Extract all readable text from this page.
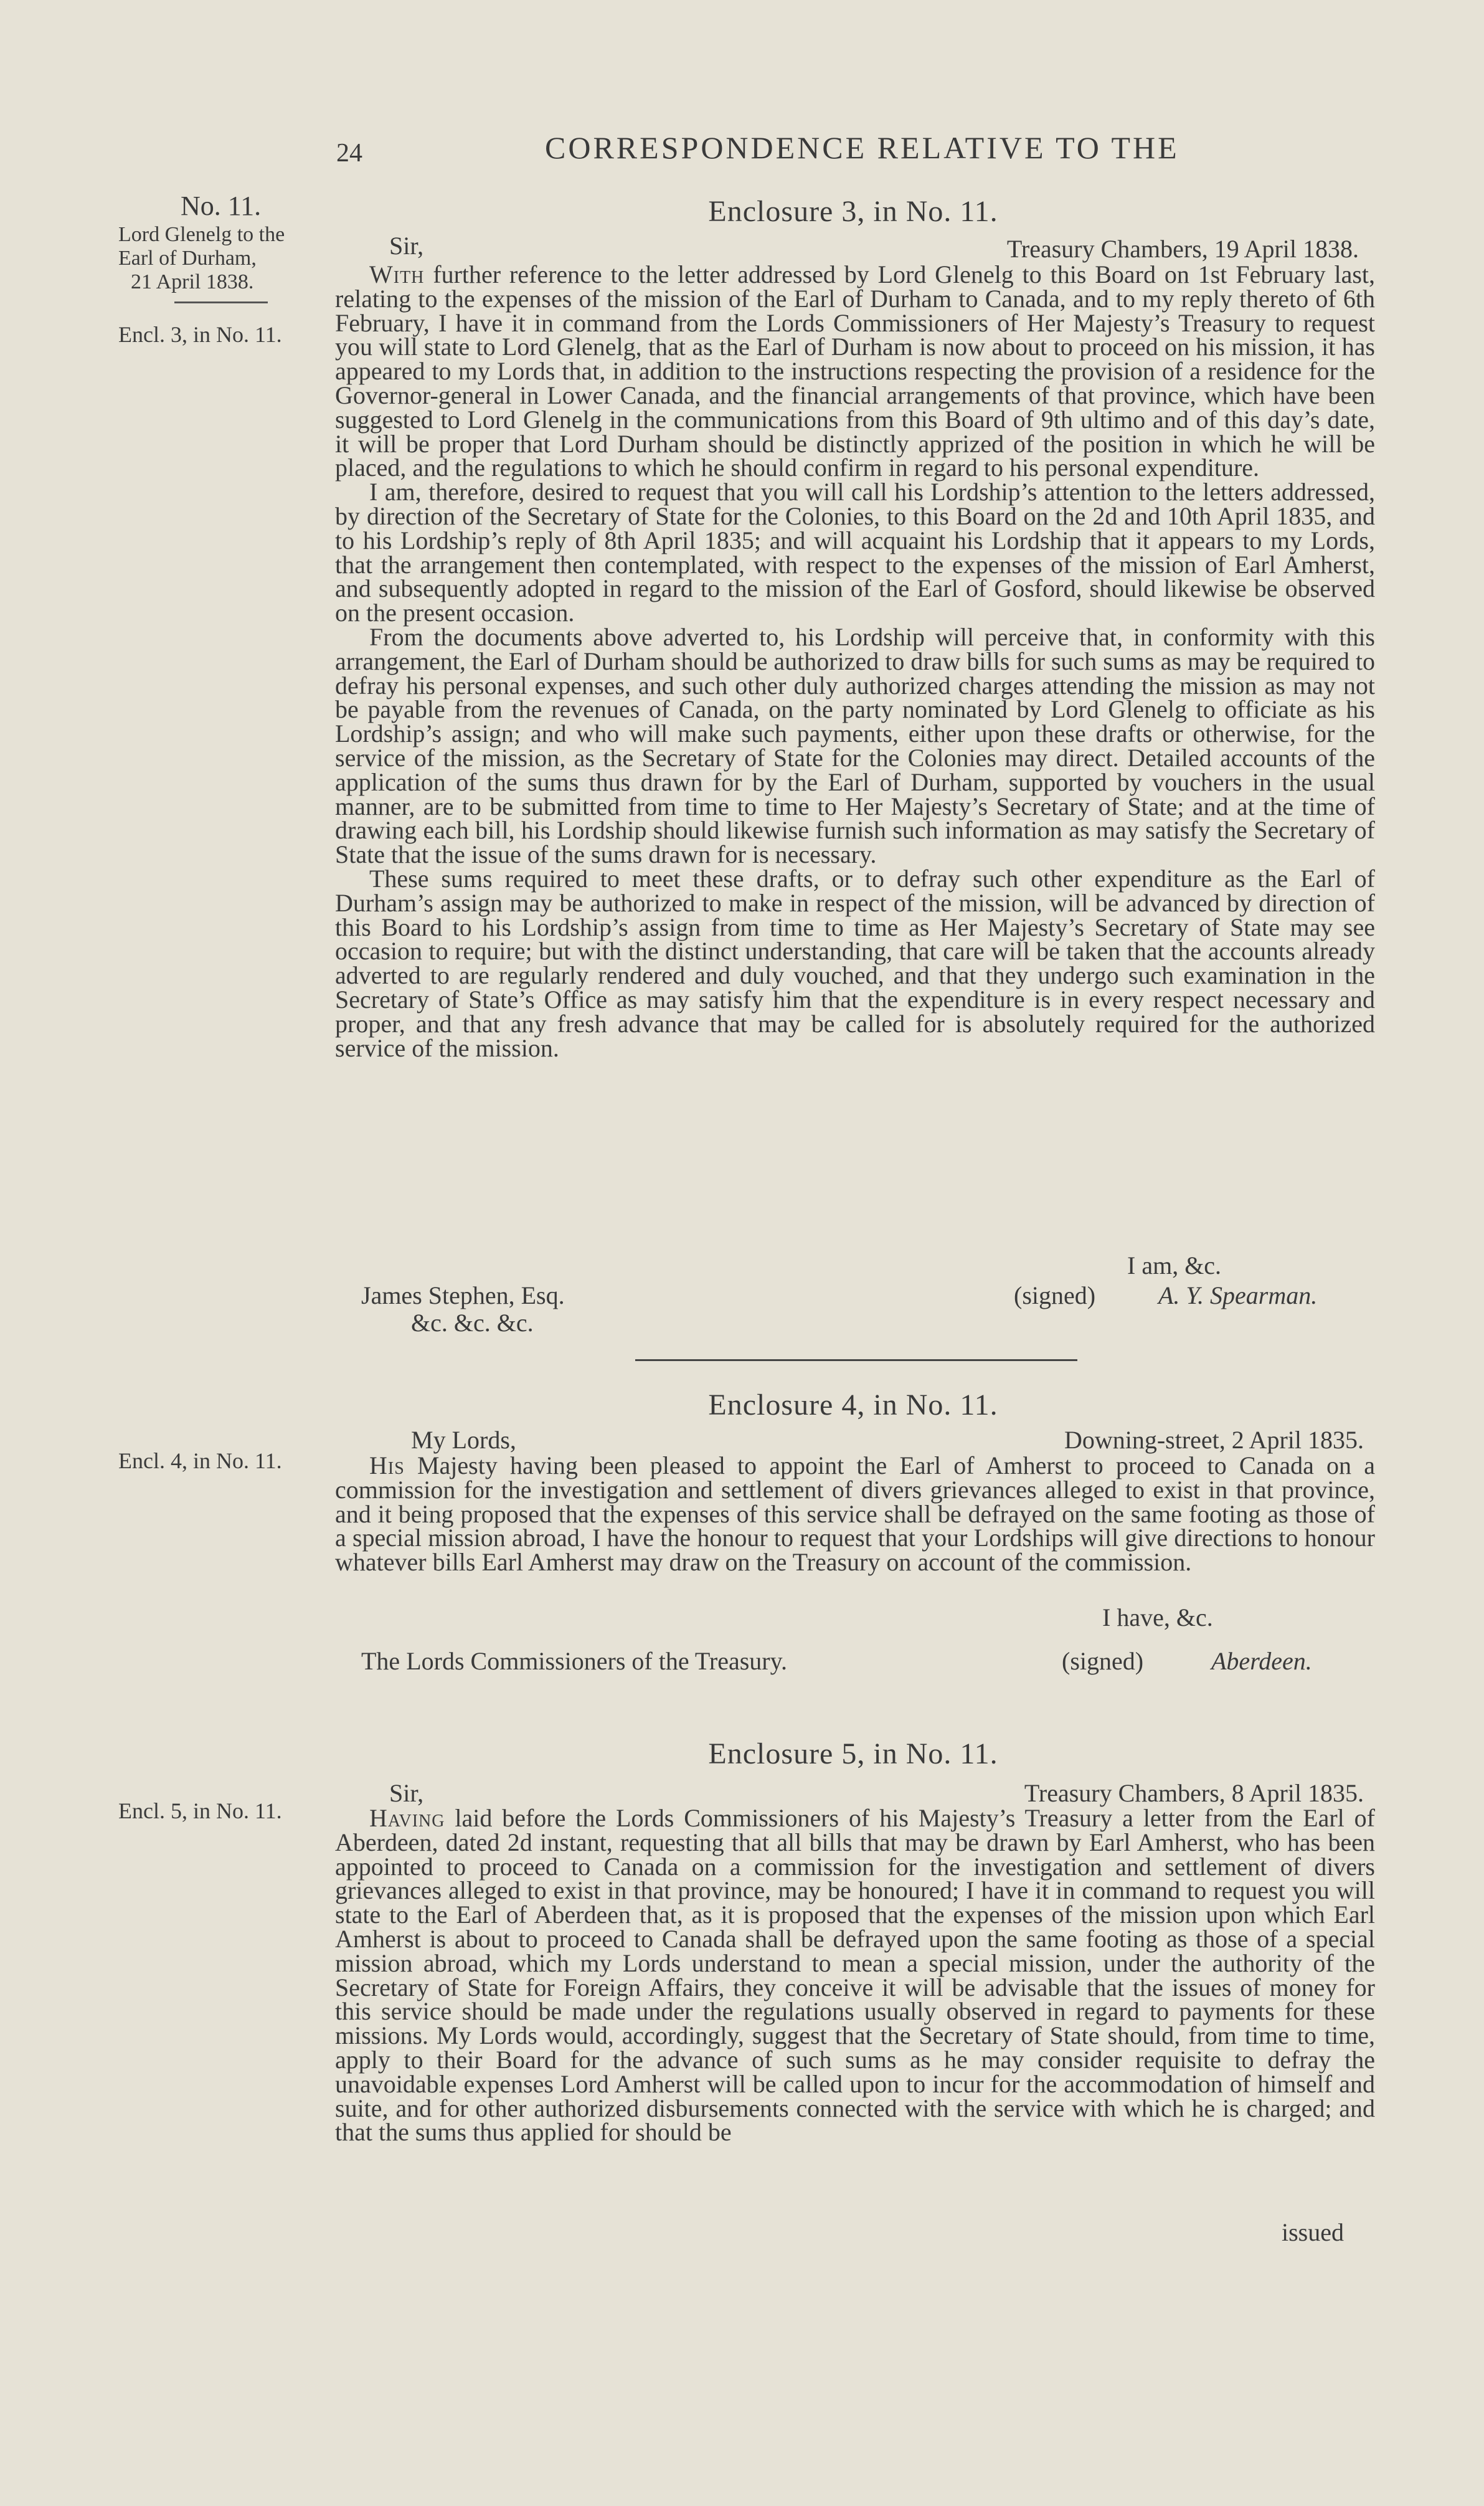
24	CORRESPONDENCE RELATIVE TO THE
No. 11.
Lord Glenelg to the
Earl of Durham,
21 April 1838.
Encl. 3, in No. 11.
Encl. 4, in No. 11.
Encl. 5, in No. 11.
Enclosure 3, in No. 11.
Sir,	Treasury Chambers, 19 April 1838.

With further reference to the letter addressed by Lord Glenelg to this Board on 1st February last, relating to the expenses of the mission of the Earl of Durham to Canada, and to my reply thereto of 6th February, I have it in command from the Lords Commissioners of Her Majesty’s Treasury to request you will state to Lord Glenelg, that as the Earl of Durham is now about to proceed on his mission, it has appeared to my Lords that, in addition to the instructions respecting the provision of a residence for the Governor-general in Lower Canada, and the financial arrangements of that province, which have been suggested to Lord Glenelg in the communications from this Board of 9th ultimo and of this day’s date, it will be proper that Lord Durham should be distinctly apprized of the position in which he will be placed, and the regulations to which he should confirm in regard to his personal expenditure.

I am, therefore, desired to request that you will call his Lordship’s attention to the letters addressed, by direction of the Secretary of State for the Colonies, to this Board on the 2d and 10th April 1835, and to his Lordship’s reply of 8th April 1835; and will acquaint his Lordship that it appears to my Lords, that the arrangement then contemplated, with respect to the expenses of the mission of Earl Amherst, and subsequently adopted in regard to the mission of the Earl of Gosford, should likewise be observed on the present occasion.

From the documents above adverted to, his Lordship will perceive that, in conformity with this arrangement, the Earl of Durham should be authorized to draw bills for such sums as may be required to defray his personal expenses, and such other duly authorized charges attending the mission as may not be payable from the revenues of Canada, on the party nominated by Lord Glenelg to officiate as his Lordship’s assign; and who will make such payments, either upon these drafts or otherwise, for the service of the mission, as the Secretary of State for the Colonies may direct. Detailed accounts of the application of the sums thus drawn for by the Earl of Durham, supported by vouchers in the usual manner, are to be submitted from time to time to Her Majesty’s Secretary of State; and at the time of drawing each bill, his Lordship should likewise furnish such information as may satisfy the Secretary of State that the issue of the sums drawn for is necessary.

These sums required to meet these drafts, or to defray such other expenditure as the Earl of Durham’s assign may be authorized to make in respect of the mission, will be advanced by direction of this Board to his Lordship’s assign from time to time as Her Majesty’s Secretary of State may see occasion to require; but with the distinct understanding, that care will be taken that the accounts already adverted to are regularly rendered and duly vouched, and that they undergo such examination in the Secretary of State’s Office as may satisfy him that the expenditure is in every respect necessary and proper, and that any fresh advance that may be called for is absolutely required for the authorized service of the mission.

I am, &c.
James Stephen, Esq.	(signed)	A. Y. Spearman.
&c. &c. &c.
Enclosure 4, in No. 11.
My Lords,	Downing-street, 2 April 1835.

His Majesty having been pleased to appoint the Earl of Amherst to proceed to Canada on a commission for the investigation and settlement of divers grievances alleged to exist in that province, and it being proposed that the expenses of this service shall be defrayed on the same footing as those of a special mission abroad, I have the honour to request that your Lordships will give directions to honour whatever bills Earl Amherst may draw on the Treasury on account of the commission.

I have, &c.
The Lords Commissioners of the Treasury.	(signed)	Aberdeen.
Enclosure 5, in No. 11.
Sir,	Treasury Chambers, 8 April 1835.

Having laid before the Lords Commissioners of his Majesty’s Treasury a letter from the Earl of Aberdeen, dated 2d instant, requesting that all bills that may be drawn by Earl Amherst, who has been appointed to proceed to Canada on a commission for the investigation and settlement of divers grievances alleged to exist in that province, may be honoured; I have it in command to request you will state to the Earl of Aberdeen that, as it is proposed that the expenses of the mission upon which Earl Amherst is about to proceed to Canada shall be defrayed upon the same footing as those of a special mission abroad, which my Lords understand to mean a special mission, under the authority of the Secretary of State for Foreign Affairs, they conceive it will be advisable that the issues of money for this service should be made under the regulations usually observed in regard to payments for these missions. My Lords would, accordingly, suggest that the Secretary of State should, from time to time, apply to their Board for the advance of such sums as he may consider requisite to defray the unavoidable expenses Lord Amherst will be called upon to incur for the accommodation of himself and suite, and for other authorized disbursements connected with the service with which he is charged; and that the sums thus applied for should be

issued
